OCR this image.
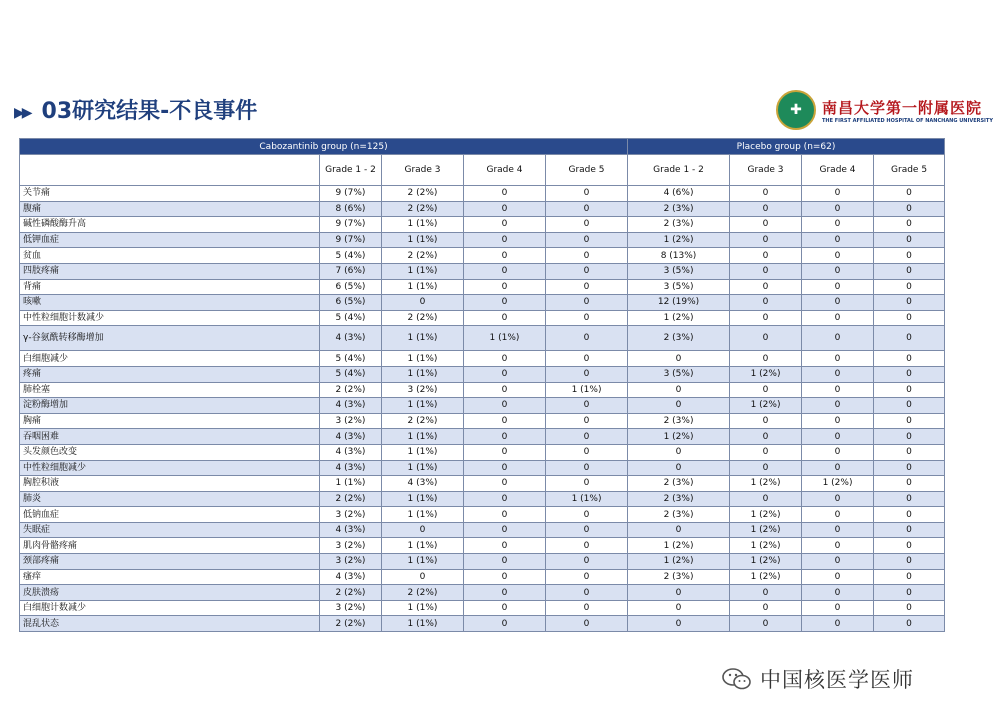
▶▶ 03研究结果-不良事件	✚	南昌大学第一附属医院
THE FIRST AFFILIATED HOSPITAL OF NANCHANG UNIVERSITY
Cabozantinib group (n=125)					Placebo group (n=62)			
	Grade 1 - 2	Grade 3	Grade 4	Grade 5	Grade 1 - 2	Grade 3	Grade 4	Grade 5
关节痛	9 (7%)	2 (2%)	0	0	4 (6%)	0	0	0
腹痛	8 (6%)	2 (2%)	0	0	2 (3%)	0	0	0
碱性磷酸酶升高	9 (7%)	1 (1%)	0	0	2 (3%)	0	0	0
低钾血症	9 (7%)	1 (1%)	0	0	1 (2%)	0	0	0
贫血	5 (4%)	2 (2%)	0	0	8 (13%)	0	0	0
四肢疼痛	7 (6%)	1 (1%)	0	0	3 (5%)	0	0	0
背痛	6 (5%)	1 (1%)	0	0	3 (5%)	0	0	0
咳嗽	6 (5%)	0	0	0	12 (19%)	0	0	0
中性粒细胞计数减少	5 (4%)	2 (2%)	0	0	1 (2%)	0	0	0
γ-谷氨酰转移酶增加	4 (3%)	1 (1%)	1 (1%)	0	2 (3%)	0	0	0
白细胞减少	5 (4%)	1 (1%)	0	0	0	0	0	0
疼痛	5 (4%)	1 (1%)	0	0	3 (5%)	1 (2%)	0	0
肺栓塞	2 (2%)	3 (2%)	0	1 (1%)	0	0	0	0
淀粉酶增加	4 (3%)	1 (1%)	0	0	0	1 (2%)	0	0
胸痛	3 (2%)	2 (2%)	0	0	2 (3%)	0	0	0
吞咽困难	4 (3%)	1 (1%)	0	0	1 (2%)	0	0	0
头发颜色改变	4 (3%)	1 (1%)	0	0	0	0	0	0
中性粒细胞减少	4 (3%)	1 (1%)	0	0	0	0	0	0
胸腔积液	1 (1%)	4 (3%)	0	0	2 (3%)	1 (2%)	1 (2%)	0
肺炎	2 (2%)	1 (1%)	0	1 (1%)	2 (3%)	0	0	0
低钠血症	3 (2%)	1 (1%)	0	0	2 (3%)	1 (2%)	0	0
失眠症	4 (3%)	0	0	0	0	1 (2%)	0	0
肌肉骨骼疼痛	3 (2%)	1 (1%)	0	0	1 (2%)	1 (2%)	0	0
颈部疼痛	3 (2%)	1 (1%)	0	0	1 (2%)	1 (2%)	0	0
瘙痒	4 (3%)	0	0	0	2 (3%)	1 (2%)	0	0
皮肤溃疡	2 (2%)	2 (2%)	0	0	0	0	0	0
白细胞计数减少	3 (2%)	1 (1%)	0	0	0	0	0	0
混乱状态	2 (2%)	1 (1%)	0	0	0	0	0	0
中国核医学医师
